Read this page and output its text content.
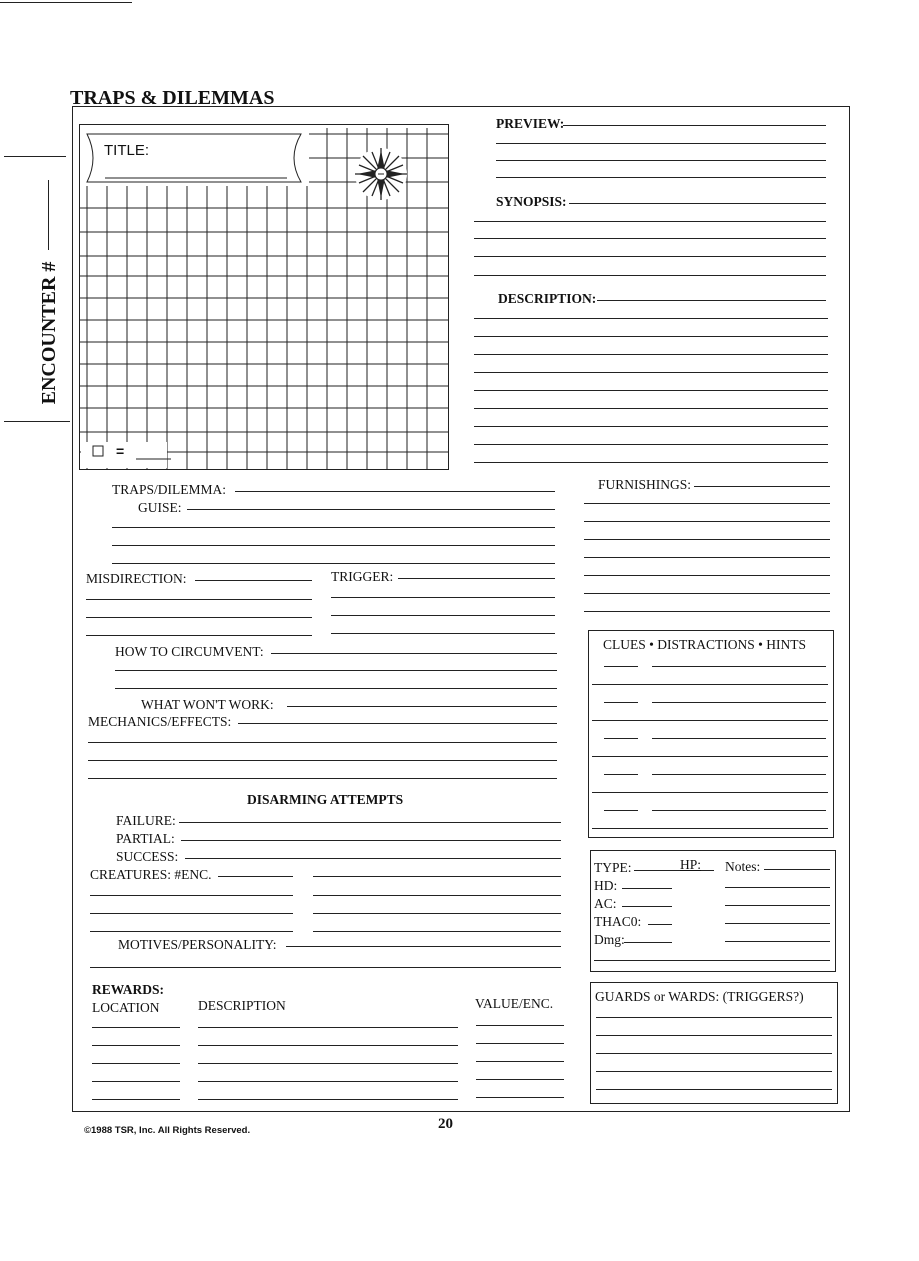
TRAPS & DILEMMAS
ENCOUNTER #
TITLE:
=
PREVIEW:
SYNOPSIS:
DESCRIPTION:
TRAPS/DILEMMA:
GUISE:
MISDIRECTION:	TRIGGER:
HOW TO CIRCUMVENT:
WHAT WON'T WORK:
MECHANICS/EFFECTS:
DISARMING ATTEMPTS
FAILURE:
PARTIAL:
SUCCESS:
CREATURES: #ENC.
MOTIVES/PERSONALITY:
REWARDS:
LOCATION	DESCRIPTION	VALUE/ENC.
FURNISHINGS:
CLUES • DISTRACTIONS • HINTS
TYPE:	HP: Notes:
HD:
AC:
THAC0:
Dmg:
GUARDS or WARDS: (TRIGGERS?)
©1988 TSR, Inc. All Rights Reserved.	20
